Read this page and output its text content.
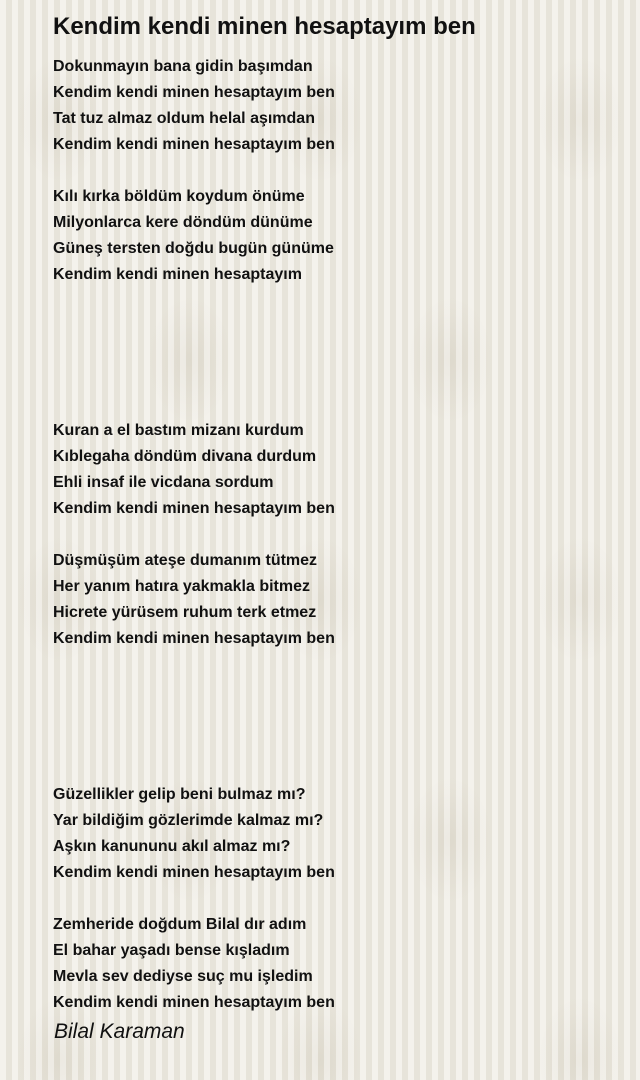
Kendim kendi minen hesaptayım ben
Dokunmayın bana gidin başımdan
Kendim kendi minen hesaptayım ben
Tat tuz almaz oldum helal aşımdan
Kendim kendi minen hesaptayım ben
Kılı kırka böldüm koydum önüme
Milyonlarca kere döndüm dünüme
Güneş tersten doğdu bugün günüme
Kendim kendi minen hesaptayım
Kuran a el bastım mizanı kurdum
Kıblegaha döndüm divana durdum
Ehli insaf ile vicdana sordum
Kendim kendi minen hesaptayım ben
Düşmüşüm ateşe dumanım tütmez
Her yanım hatıra yakmakla bitmez
Hicrete yürüsem ruhum terk etmez
Kendim kendi minen hesaptayım ben
Güzellikler gelip beni bulmaz mı?
Yar bildiğim gözlerimde kalmaz mı?
Aşkın kanununu akıl almaz mı?
Kendim kendi minen hesaptayım ben
Zemheride doğdum Bilal dır adım
El bahar yaşadı bense kışladım
Mevla sev dediyse suç mu işledim
Kendim kendi minen hesaptayım ben
Bilal Karaman
